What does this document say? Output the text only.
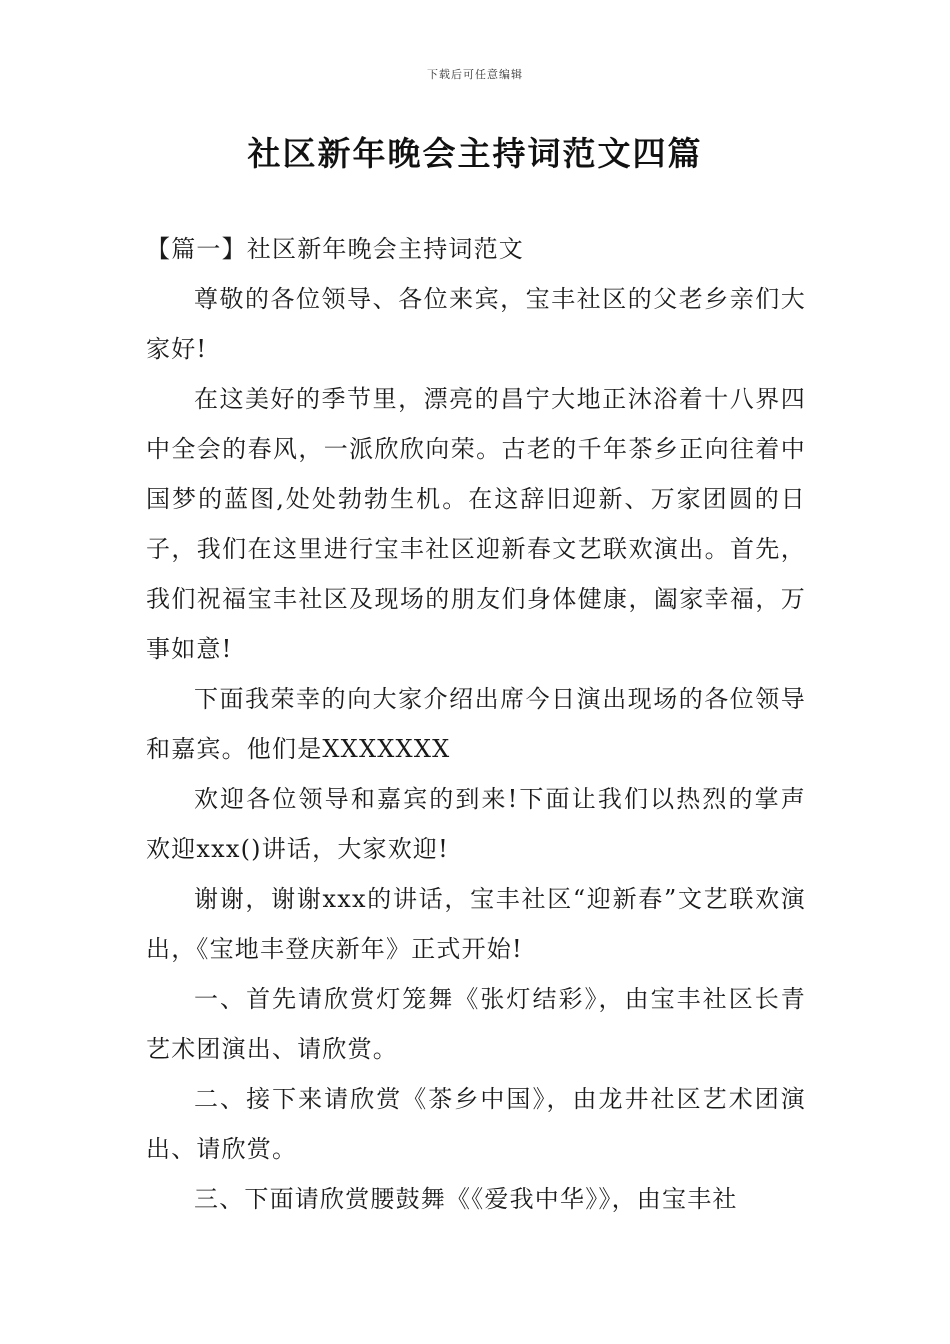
下载后可任意编辑
社区新年晚会主持词范文四篇
【篇一】社区新年晚会主持词范文

尊敬的各位领导、各位来宾，宝丰社区的父老乡亲们大家好!

在这美好的季节里，漂亮的昌宁大地正沐浴着十八界四中全会的春风，一派欣欣向荣。古老的千年茶乡正向往着中国梦的蓝图,处处勃勃生机。在这辞旧迎新、万家团圆的日子，我们在这里进行宝丰社区迎新春文艺联欢演出。首先，我们祝福宝丰社区及现场的朋友们身体健康，阖家幸福，万事如意!

下面我荣幸的向大家介绍出席今日演出现场的各位领导和嘉宾。他们是XXXXXXX

欢迎各位领导和嘉宾的到来!下面让我们以热烈的掌声欢迎xxx()讲话，大家欢迎!

谢谢，谢谢xxx的讲话，宝丰社区“迎新春”文艺联欢演出，《宝地丰登庆新年》正式开始!

一、首先请欣赏灯笼舞《张灯结彩》，由宝丰社区长青艺术团演出、请欣赏。

二、接下来请欣赏《茶乡中国》，由龙井社区艺术团演出、请欣赏。

三、下面请欣赏腰鼓舞《《爱我中华》》，由宝丰社
